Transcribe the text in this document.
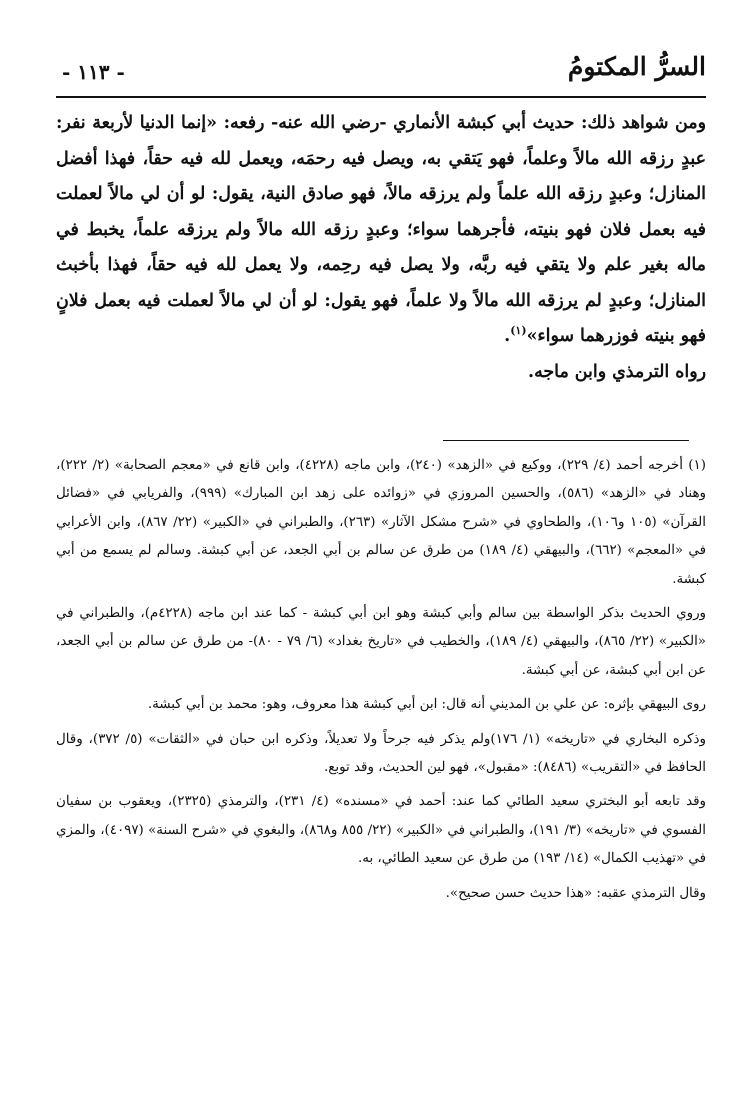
السرُّ المكتومُ
- ١١٣ -

ومن شواهد ذلك: حديث أبي كبشة الأنماري -رضي الله عنه- رفعه: «إنما الدنيا لأربعة نفر: عبدٍ رزقه الله مالاً وعلماً، فهو يَتقي به، ويصل فيه رحمَه، ويعمل لله فيه حقاً، فهذا أفضل المنازل؛ وعبدٍ رزقه الله علماً ولم يرزقه مالاً، فهو صادق النية، يقول: لو أن لي مالاً لعملت فيه بعمل فلان فهو بنيته، فأجرهما سواء؛ وعبدٍ رزقه الله مالاً ولم يرزقه علماً، يخبط في ماله بغير علم ولا يتقي فيه ربَّه، ولا يصل فيه رحِمه، ولا يعمل لله فيه حقاً، فهذا بأخبث المنازل؛ وعبدٍ لم يرزقه الله مالاً ولا علماً، فهو يقول: لو أن لي مالاً لعملت فيه بعمل فلانٍ فهو بنيته فوزرهما سواء»$^{(١)}$.

رواه الترمذي وابن ماجه.

(١) أخرجه أحمد (٤/ ٢٢٩)، ووكيع في «الزهد» (٢٤٠)، وابن ماجه (٤٢٢٨)، وابن قانع في «معجم الصحابة» (٢/ ٢٢٢)، وهناد في «الزهد» (٥٨٦)، والحسين المروزي في «زوائده على زهد ابن المبارك» (٩٩٩)، والفريابي في «فضائل القرآن» (١٠٥ و١٠٦)، والطحاوي في «شرح مشكل الآثار» (٢٦٣)، والطبراني في «الكبير» (٢٢/ ٨٦٧)، وابن الأعرابي في «المعجم» (٦٦٢)، والبيهقي (٤/ ١٨٩) من طرق عن سالم بن أبي الجعد، عن أبي كبشة. وسالم لم يسمع من أبي كبشة.

وروي الحديث بذكر الواسطة بين سالم وأبي كبشة وهو ابن أبي كبشة - كما عند ابن ماجه (٤٢٢٨م)، والطبراني في «الكبير» (٢٢/ ٨٦٥)، والبيهقي (٤/ ١٨٩)، والخطيب في «تاريخ بغداد» (٦/ ٧٩ - ٨٠)- من طرق عن سالم بن أبي الجعد، عن ابن أبي كبشة، عن أبي كبشة.

روى البيهقي بإثره: عن علي بن المديني أنه قال: ابن أبي كبشة هذا معروف، وهو: محمد بن أبي كبشة.

وذكره البخاري في «تاريخه» (١/ ١٧٦)ولم يذكر فيه جرحاً ولا تعديلاً، وذكره ابن حبان في «الثقات» (٥/ ٣٧٢)، وقال الحافظ في «التقريب» (٨٤٨٦): «مقبول»، فهو لين الحديث، وقد توبع.

وقد تابعه أبو البختري سعيد الطائي كما عند: أحمد في «مسنده» (٤/ ٢٣١)، والترمذي (٢٣٢٥)، ويعقوب بن سفيان الفسوي في «تاريخه» (٣/ ١٩١)، والطبراني في «الكبير» (٢٢/ ٨٥٥ و٨٦٨)، والبغوي في «شرح السنة» (٤٠٩٧)، والمزي في «تهذيب الكمال» (١٤/ ١٩٣) من طرق عن سعيد الطائي، به.

وقال الترمذي عقبه: «هذا حديث حسن صحيح».
